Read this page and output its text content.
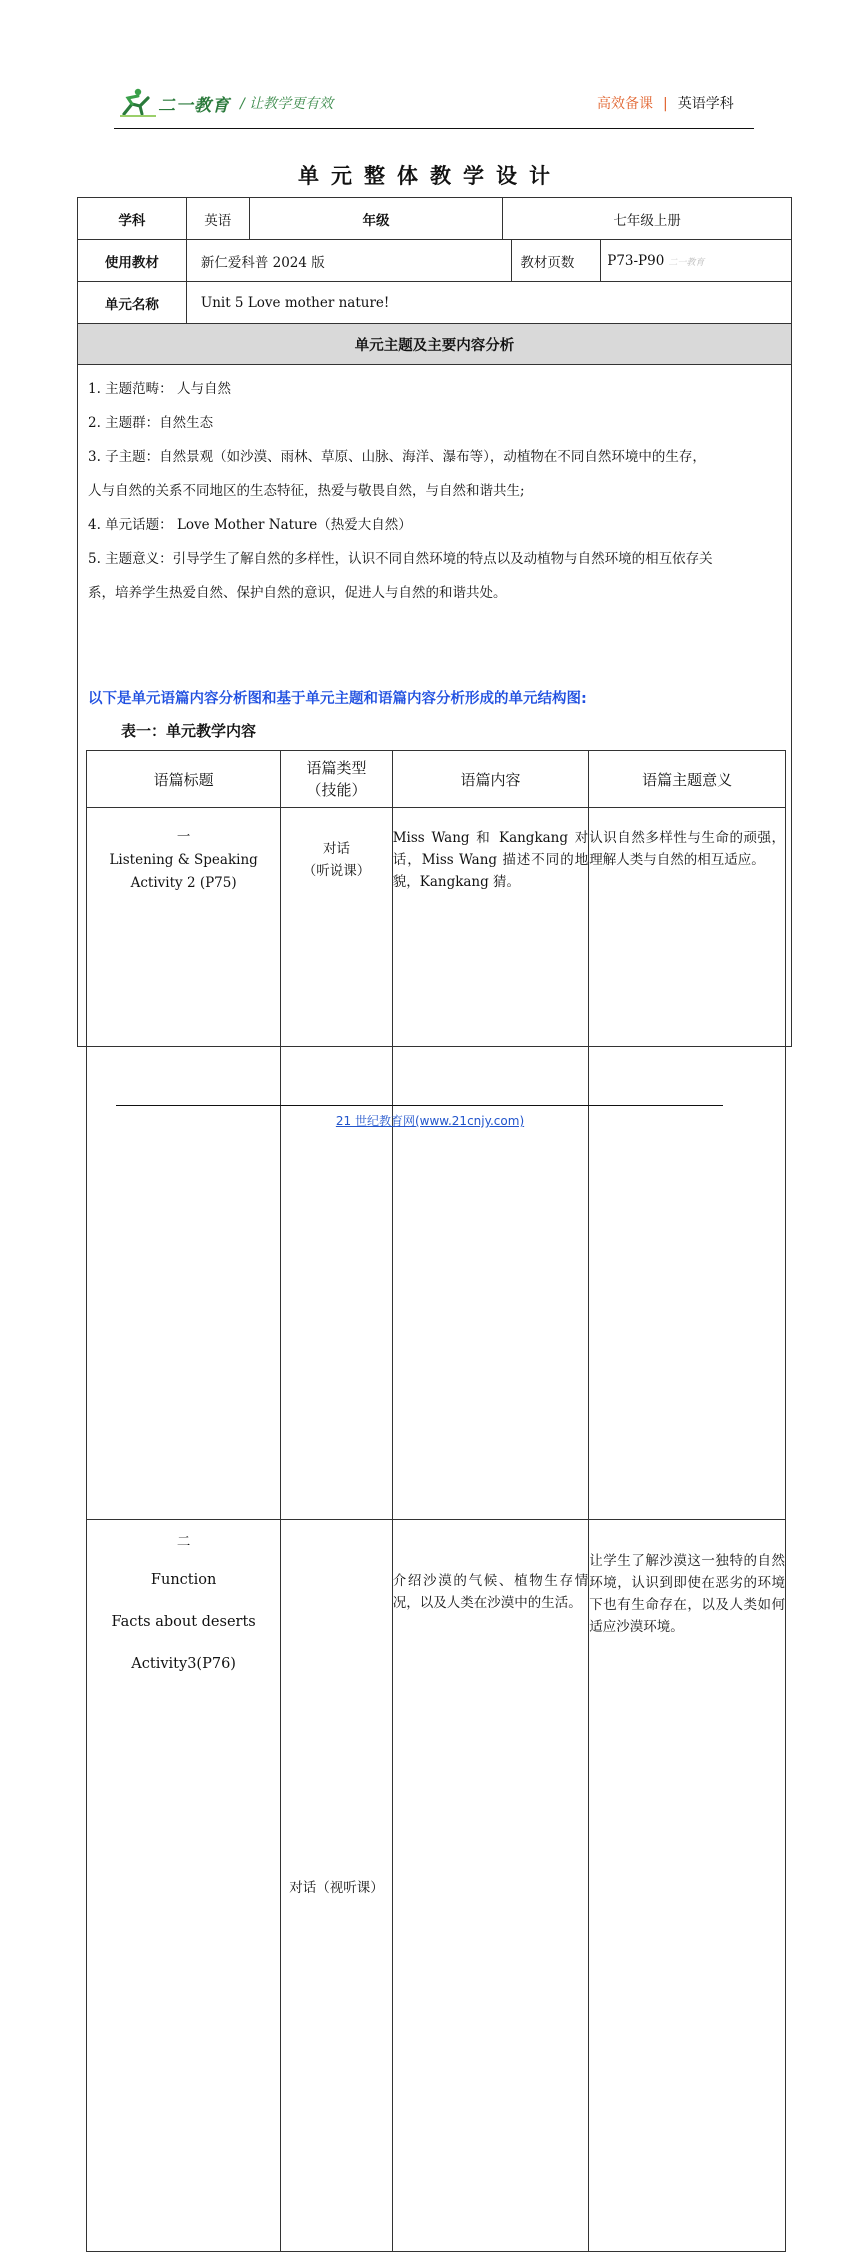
二一教育 / 让教学更有效	高效备课 | 英语学科
单元整体教学设计
学科	英语	年级	七年级上册
使用教材	新仁爱科普 2024 版	教材页数	P73-P90 二一教育
单元名称	Unit 5 Love mother nature!
单元主题及主要内容分析

1. 主题范畴： 人与自然
2. 主题群：自然生态
3. 子主题：自然景观（如沙漠、雨林、草原、山脉、海洋、瀑布等），动植物在不同自然环境中的生存，
人与自然的关系不同地区的生态特征，热爱与敬畏自然，与自然和谐共生;
4. 单元话题： Love Mother Nature（热爱大自然）
5. 主题意义：引导学生了解自然的多样性，认识不同自然环境的特点以及动植物与自然环境的相互依存关
系，培养学生热爱自然、保护自然的意识，促进人与自然的和谐共处。
以下是单元语篇内容分析图和基于单元主题和语篇内容分析形成的单元结构图:
表一：单元教学内容
语篇标题	语篇类型
（技能）	语篇内容	语篇主题意义

一
Listening & Speaking
Activity 2 (P75)
	对话
（听说课）	Miss Wang 和 Kangkang 对话，Miss Wang 描述不同的地貌，Kangkang 猜。	认识自然多样性与生命的顽强，理解人类与自然的相互适应。

二
Function
Facts about deserts
Activity3(P76)
	对话（视听课）	介绍沙漠的气候、植物生存情况，以及人类在沙漠中的生活。	让学生了解沙漠这一独特的自然环境，认识到即使在恶劣的环境下也有生命存在，以及人类如何适应沙漠环境。
21 世纪教育网(www.21cnjy.com)
